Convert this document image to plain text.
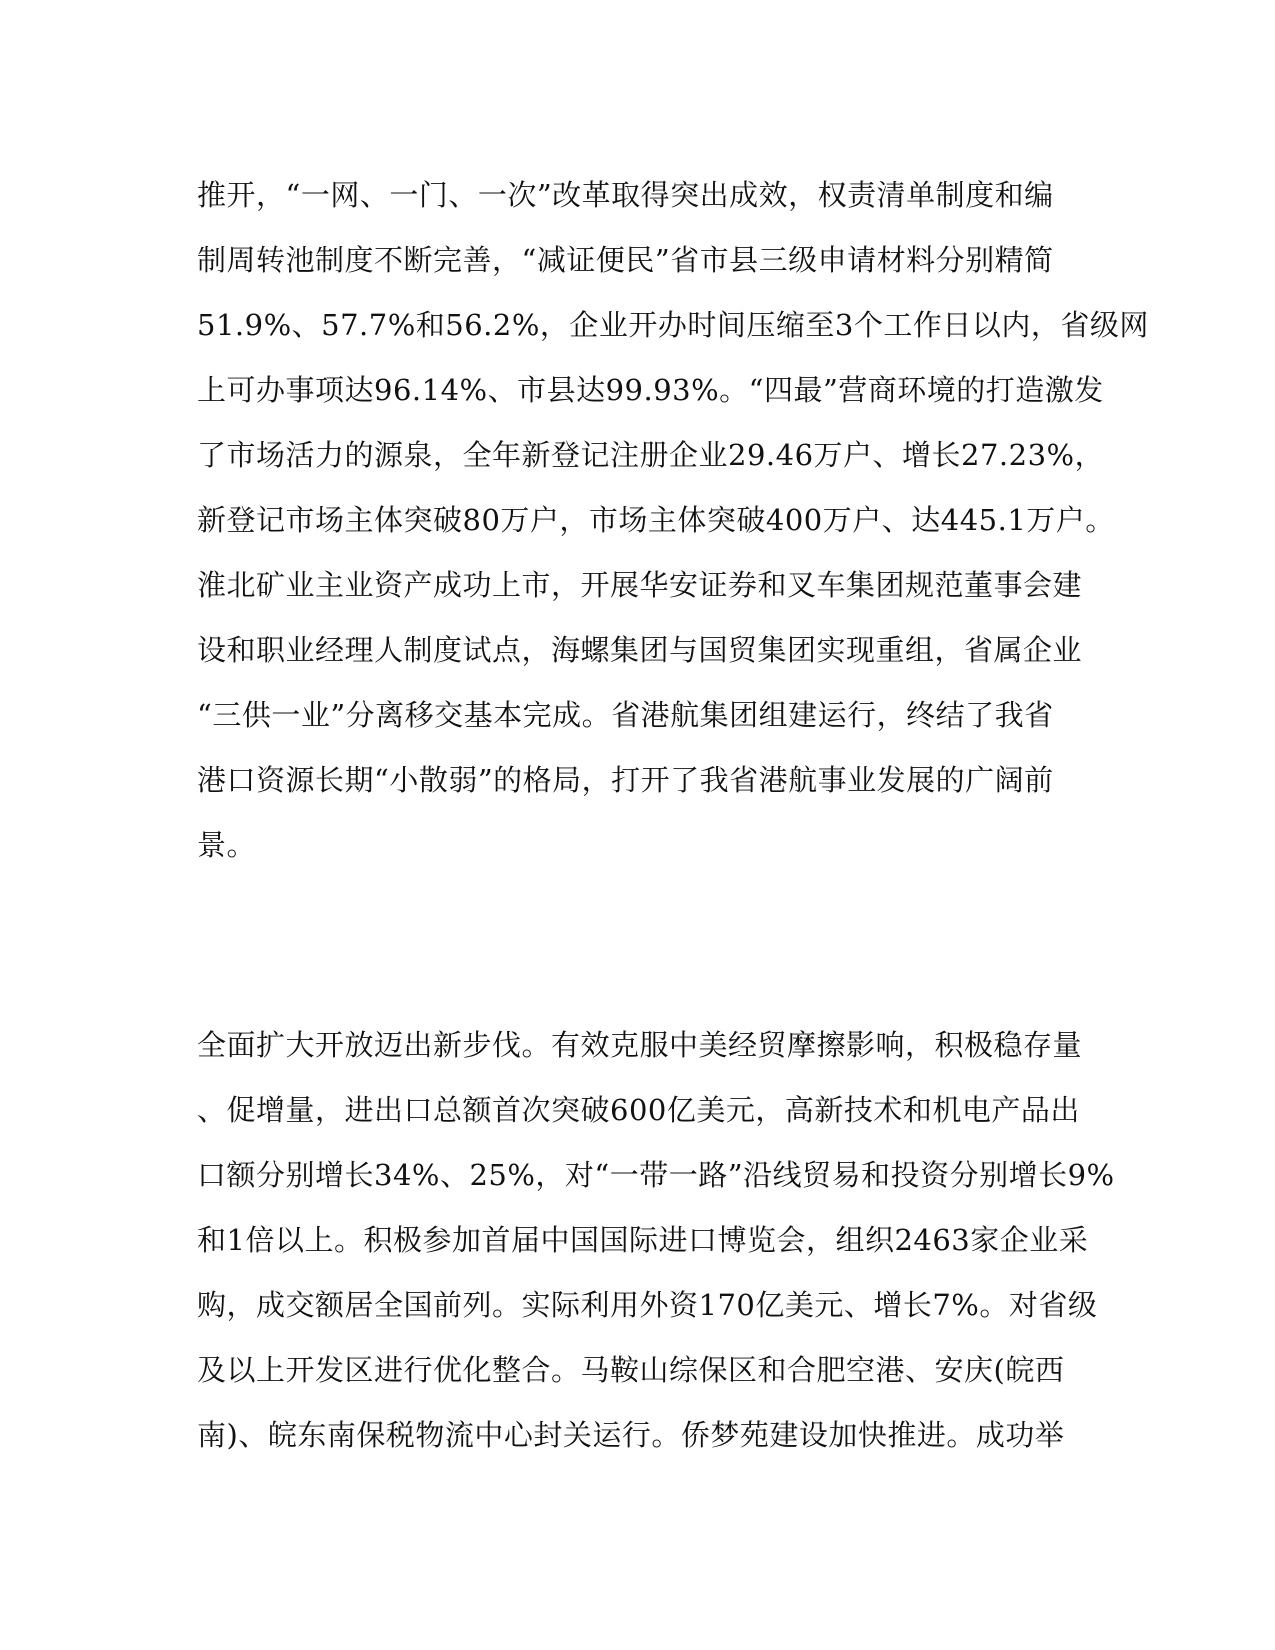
推开，“一网、一门、一次”改革取得突出成效，权责清单制度和编
制周转池制度不断完善，“减证便民”省市县三级申请材料分别精简
51.9%、57.7%和56.2%，企业开办时间压缩至3个工作日以内，省级网
上可办事项达96.14%、市县达99.93%。“四最”营商环境的打造激发
了市场活力的源泉，全年新登记注册企业29.46万户、增长27.23%，
新登记市场主体突破80万户，市场主体突破400万户、达445.1万户。
淮北矿业主业资产成功上市，开展华安证券和叉车集团规范董事会建
设和职业经理人制度试点，海螺集团与国贸集团实现重组，省属企业
“三供一业”分离移交基本完成。省港航集团组建运行，终结了我省
港口资源长期“小散弱”的格局，打开了我省港航事业发展的广阔前
景。
全面扩大开放迈出新步伐。有效克服中美经贸摩擦影响，积极稳存量
、促增量，进出口总额首次突破600亿美元，高新技术和机电产品出
口额分别增长34%、25%，对“一带一路”沿线贸易和投资分别增长9%
和1倍以上。积极参加首届中国国际进口博览会，组织2463家企业采
购，成交额居全国前列。实际利用外资170亿美元、增长7%。对省级
及以上开发区进行优化整合。马鞍山综保区和合肥空港、安庆(皖西
南)、皖东南保税物流中心封关运行。侨梦苑建设加快推进。成功举
